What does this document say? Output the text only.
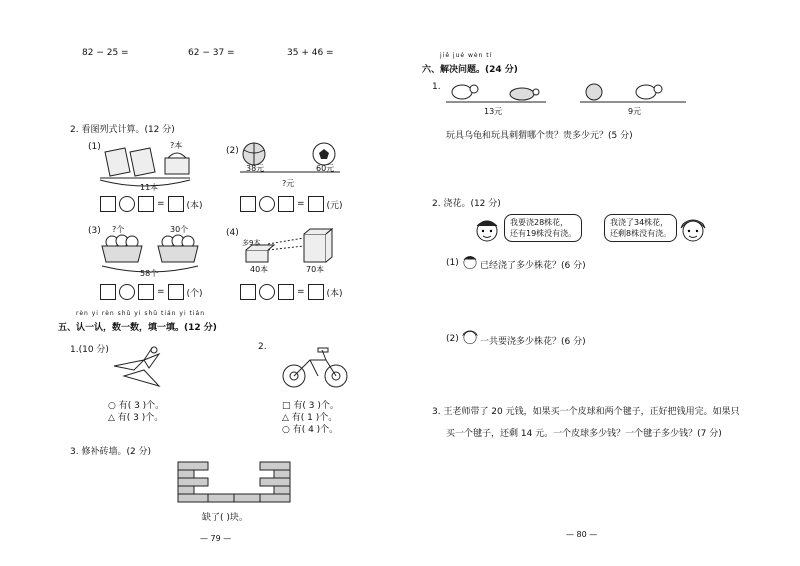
82 − 25 =	62 − 37 =	35 + 46 =
2. 看图列式计算。(12 分)
(1)	?本
11本
= (本)
(2)
38元	60元
?元
= (元)
(3) ?个	30个
58个
= (个)
(4)
多9本
40本	70本
= (本)
rèn yi rèn shǔ yi shǔ tián yi tián
五、认一认，数一数，填一填。(12 分)
1.(10 分)
○ 有( 3 )个。
△ 有( 3 )个。
2.
□ 有( 3 )个。
△ 有( 1 )个。
○ 有( 4 )个。
3. 修补砖墙。(2 分)
缺了( )块。
— 79 —
jiě jué wèn tí
六、解决问题。(24 分)
1.
13元	9元
玩具乌龟和玩具刺猬哪个贵？贵多少元？(5 分)
2. 浇花。(12 分)
我要浇28株花，
还有19株没有浇。
我浇了34株花，
还剩8株没有浇。
(1) 已经浇了多少株花？(6 分)
(2) 一共要浇多少株花？(6 分)
3. 王老师带了 20 元钱，如果买一个皮球和两个毽子，正好把钱用完。如果只
买一个毽子，还剩 14 元。一个皮球多少钱？一个毽子多少钱？(7 分)
— 80 —
